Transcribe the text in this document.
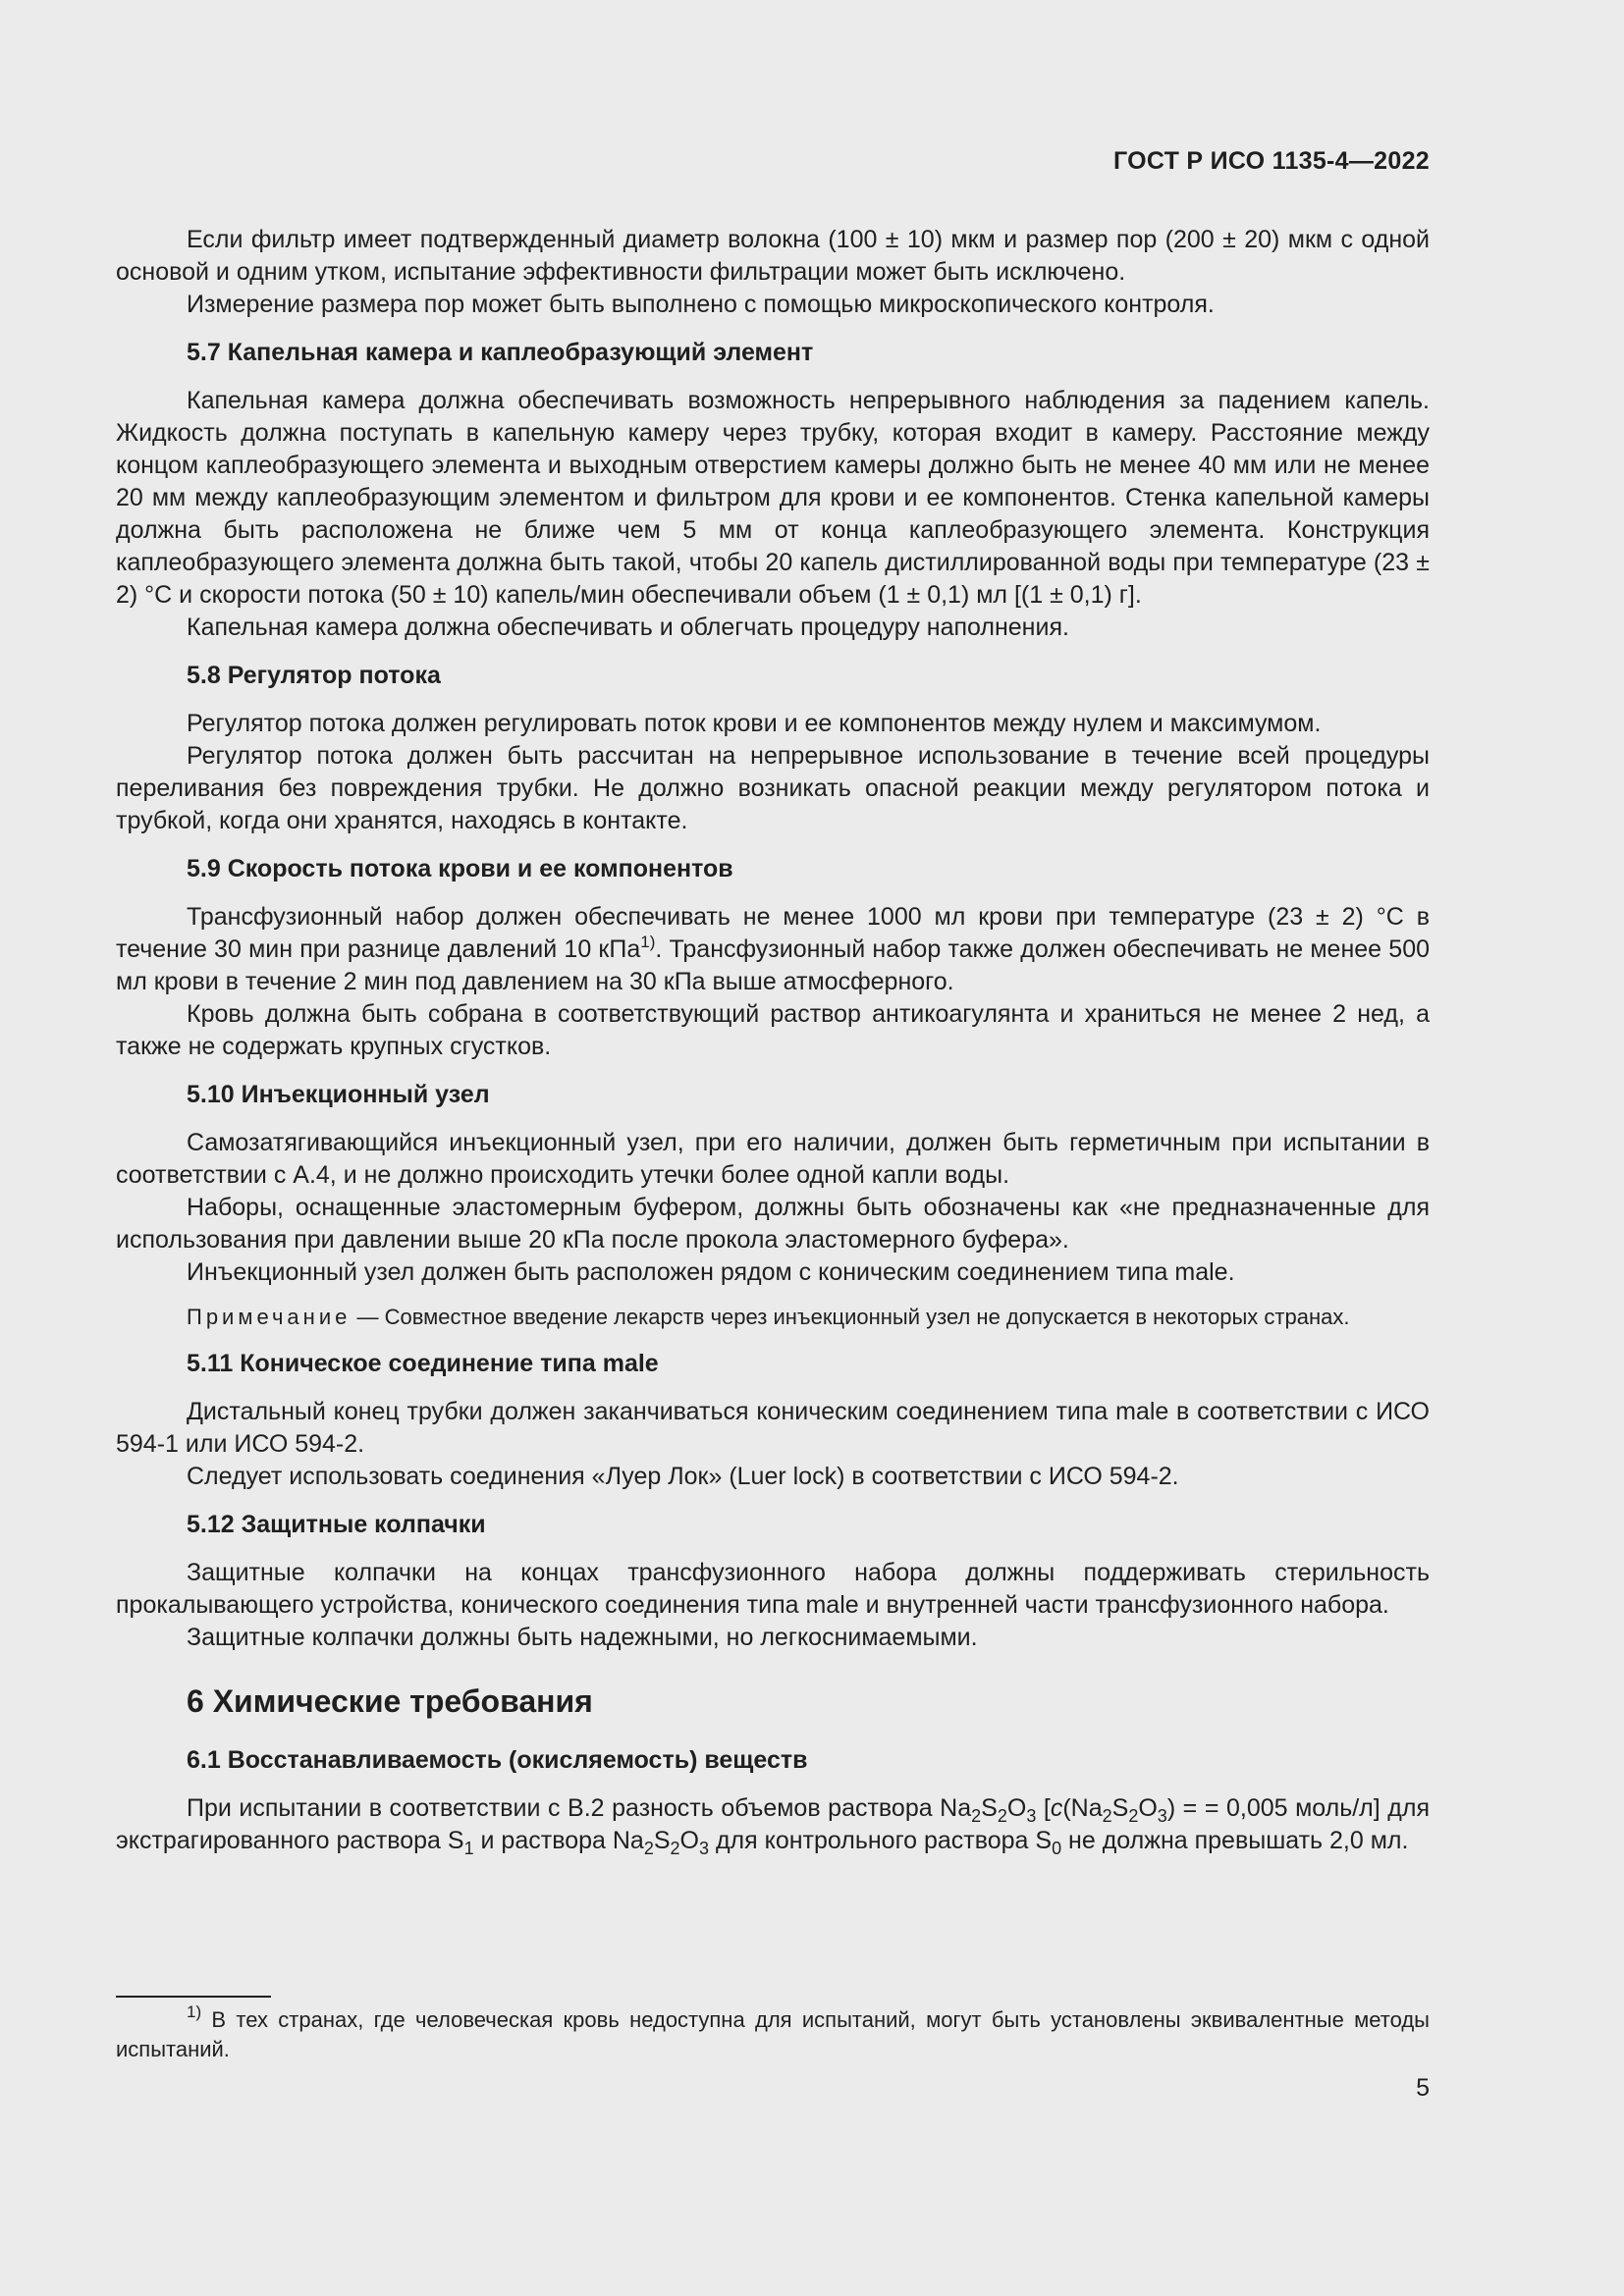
ГОСТ Р ИСО 1135-4—2022

Если фильтр имеет подтвержденный диаметр волокна (100 ± 10) мкм и размер пор (200 ± 20) мкм с одной основой и одним утком, испытание эффективности фильтрации может быть исключено.

Измерение размера пор может быть выполнено с помощью микроскопического контроля.

5.7 Капельная камера и каплеобразующий элемент

Капельная камера должна обеспечивать возможность непрерывного наблюдения за падением капель. Жидкость должна поступать в капельную камеру через трубку, которая входит в камеру. Расстояние между концом каплеобразующего элемента и выходным отверстием камеры должно быть не менее 40 мм или не менее 20 мм между каплеобразующим элементом и фильтром для крови и ее компонентов. Стенка капельной камеры должна быть расположена не ближе чем 5 мм от конца каплеобразующего элемента. Конструкция каплеобразующего элемента должна быть такой, чтобы 20 капель дистиллированной воды при температуре (23 ± 2) °С и скорости потока (50 ± 10) капель/мин обеспечивали объем (1 ± 0,1) мл [(1 ± 0,1) г].

Капельная камера должна обеспечивать и облегчать процедуру наполнения.

5.8 Регулятор потока

Регулятор потока должен регулировать поток крови и ее компонентов между нулем и максимумом.

Регулятор потока должен быть рассчитан на непрерывное использование в течение всей процедуры переливания без повреждения трубки. Не должно возникать опасной реакции между регулятором потока и трубкой, когда они хранятся, находясь в контакте.

5.9 Скорость потока крови и ее компонентов

Трансфузионный набор должен обеспечивать не менее 1000 мл крови при температуре (23 ± 2) °С в течение 30 мин при разнице давлений 10 кПа$^{1)}$. Трансфузионный набор также должен обеспечивать не менее 500 мл крови в течение 2 мин под давлением на 30 кПа выше атмосферного.

Кровь должна быть собрана в соответствующий раствор антикоагулянта и храниться не менее 2 нед, а также не содержать крупных сгустков.

5.10 Инъекционный узел

Самозатягивающийся инъекционный узел, при его наличии, должен быть герметичным при испытании в соответствии с А.4, и не должно происходить утечки более одной капли воды.

Наборы, оснащенные эластомерным буфером, должны быть обозначены как «не предназначенные для использования при давлении выше 20 кПа после прокола эластомерного буфера».

Инъекционный узел должен быть расположен рядом с коническим соединением типа male.

Примечание — Совместное введение лекарств через инъекционный узел не допускается в некоторых странах.

5.11 Коническое соединение типа male

Дистальный конец трубки должен заканчиваться коническим соединением типа male в соответствии с ИСО 594-1 или ИСО 594-2.

Следует использовать соединения «Луер Лок» (Luer lock) в соответствии с ИСО 594-2.

5.12 Защитные колпачки

Защитные колпачки на концах трансфузионного набора должны поддерживать стерильность прокалывающего устройства, конического соединения типа male и внутренней части трансфузионного набора.

Защитные колпачки должны быть надежными, но легкоснимаемыми.

6 Химические требования
6.1 Восстанавливаемость (окисляемость) веществ

При испытании в соответствии с В.2 разность объемов раствора $Na_2S_2O_3$ [$c(Na_2S_2O_3)$ = = 0,005 моль/л] для экстрагированного раствора $S_1$ и раствора $Na_2S_2O_3$ для контрольного раствора $S_0$ не должна превышать 2,0 мл.

$^{1)}$ В тех странах, где человеческая кровь недоступна для испытаний, могут быть установлены эквивалентные методы испытаний.
5
